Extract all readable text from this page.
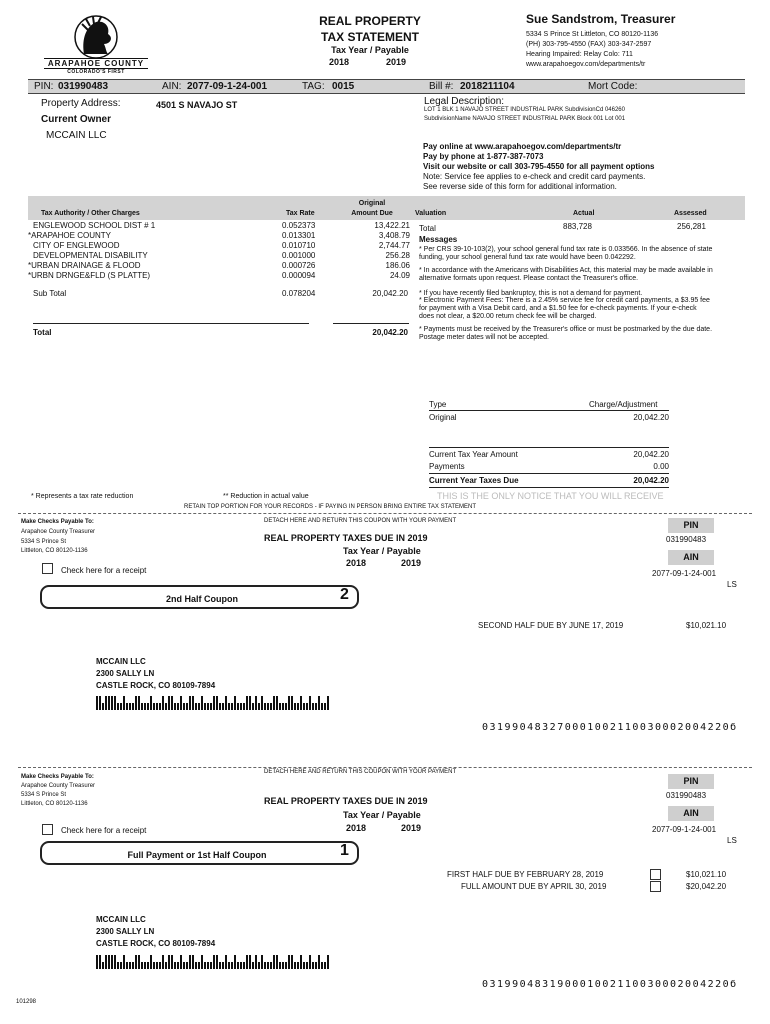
ARAPAHOE COUNTY
COLORADO'S FIRST
REAL PROPERTY
TAX STATEMENT
Tax Year / Payable
2018	2019
Sue Sandstrom, Treasurer
5334 S Prince St Littleton, CO 80120-1136
(PH) 303-795-4550 (FAX) 303-347-2597
Hearing Impaired: Relay Colo: 711
www.arapahoegov.com/departments/tr
PIN: 031990483	AIN: 2077-09-1-24-001	TAG: 0015	Bill #: 2018211104	Mort Code:
Property Address:	4501 S NAVAJO ST
Current Owner
MCCAIN LLC
Legal Description:
LOT 1 BLK 1 NAVAJO STREET INDUSTRIAL PARK SubdivisionCd 046260
SubdivisionName NAVAJO STREET INDUSTRIAL PARK Block 001 Lot 001
Pay online at www.arapahoegov.com/departments/tr
Pay by phone at 1-877-387-7073
Visit our website or call 303-795-4550 for all payment options
Note: Service fee applies to e-check and credit card payments.
See reverse side of this form for additional information.
Original
Tax Authority / Other Charges	Tax Rate	Amount Due	Valuation	Actual	Assessed
ENGLEWOOD SCHOOL DIST # 1	0.052373	13,422.21
*ARAPAHOE COUNTY	0.013301	3,408.79
CITY OF ENGLEWOOD	0.010710	2,744.77
DEVELOPMENTAL DISABILITY	0.001000	256.28
*URBAN DRAINAGE & FLOOD	0.000726	186.06
*URBN DRNGE&FLD (S PLATTE)	0.000094	24.09
Sub Total	0.078204	20,042.20
Total	20,042.20
Total	883,728	256,281
Messages
* Per CRS 39-10-103(2), your school general fund tax rate is 0.033566. In the absence of state funding, your school general fund tax rate would have been 0.042292.
* In accordance with the Americans with Disabilities Act, this material may be made available in alternative formats upon request. Please contact the Treasurer's office.
* If you have recently filed bankruptcy, this is not a demand for payment.
* Electronic Payment Fees: There is a 2.45% service fee for credit card payments, a $3.95 fee for payment with a Visa Debit card, and a $1.50 fee for e-check payments. If your e-check does not clear, a $20.00 return check fee will be charged.
* Payments must be received by the Treasurer's office or must be postmarked by the due date. Postage meter dates will not be accepted.
Type	Charge/Adjustment
Original	20,042.20
Current Tax Year Amount	20,042.20
Payments	0.00
Current Year Taxes Due	20,042.20
* Represents a tax rate reduction	** Reduction in actual value	THIS IS THE ONLY NOTICE THAT YOU WILL RECEIVE
RETAIN TOP PORTION FOR YOUR RECORDS - IF PAYING IN PERSON BRING ENTIRE TAX STATEMENT
Make Checks Payable To:
Arapahoe County Treasurer
5334 S Prince St
Littleton, CO 80120-1136
DETACH HERE AND RETURN THIS COUPON WITH YOUR PAYMENT
REAL PROPERTY TAXES DUE IN 2019
Tax Year / Payable
2018	2019
PIN
031990483
AIN
2077-09-1-24-001
LS
Check here for a receipt
2nd Half Coupon	2
SECOND HALF DUE BY JUNE 17, 2019	$10,021.10
MCCAIN LLC
2300 SALLY LN
CASTLE ROCK, CO 80109-7894
031990483270001002110030002004220б
Make Checks Payable To:
Arapahoe County Treasurer
5334 S Prince St
Littleton, CO 80120-1136
DETACH HERE AND RETURN THIS COUPON WITH YOUR PAYMENT
REAL PROPERTY TAXES DUE IN 2019
Tax Year / Payable
2018	2019
PIN
031990483
AIN
2077-09-1-24-001
LS
Check here for a receipt
Full Payment or 1st Half Coupon	1
FIRST HALF DUE BY FEBRUARY 28, 2019	$10,021.10
FULL AMOUNT DUE BY APRIL 30, 2019	$20,042.20
MCCAIN LLC
2300 SALLY LN
CASTLE ROCK, CO 80109-7894
031990483190001002110030002004220б
101298
